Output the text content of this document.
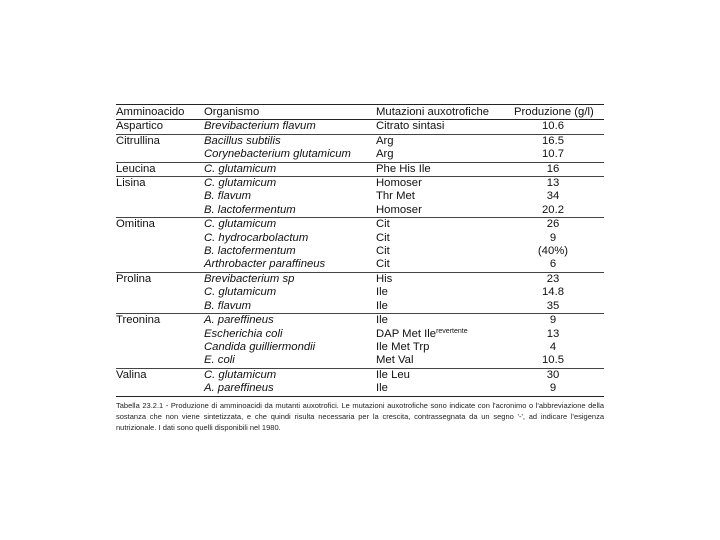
Amminoacido	Organismo	Mutazioni auxotrofiche	Produzione (g/l)
Aspartico	Brevibacterium flavum	Citrato sintasi	10.6
Citrullina	Bacillus subtilis	Arg	16.5
	Corynebacterium glutamicum	Arg	10.7
Leucina	C. glutamicum	Phe His Ile	16
Lisina	C. glutamicum	Homoser	13
	B. flavum	Thr Met	34
	B. lactofermentum	Homoser	20.2
Omitina	C. glutamicum	Cit	26
	C. hydrocarbolactum	Cit	9
	B. lactofermentum	Cit	(40%)
	Arthrobacter paraffineus	Cit	6
Prolina	Brevibacterium sp	His	23
	C. glutamicum	Ile	14.8
	B. flavum	Ile	35
Treonina	A. pareffineus	Ile	9
	Escherichia coli	DAP Met Ile$^{revertente}$	13
	Candida guilliermondii	Ile Met Trp	4
	E. coli	Met Val	10.5
Valina	C. glutamicum	Ile Leu	30
	A. pareffineus	Ile	9
Tabella 23.2.1 - Produzione di amminoacidi da mutanti auxotrofici. Le mutazioni auxotrofiche sono indicate con l'acronimo o l'abbreviazione della sostanza che non viene sintetizzata, e che quindi risulta necessaria per la crescita, contrassegnata da un segno '-', ad indicare l'esigenza nutrizionale. I dati sono quelli disponibili nel 1980.
